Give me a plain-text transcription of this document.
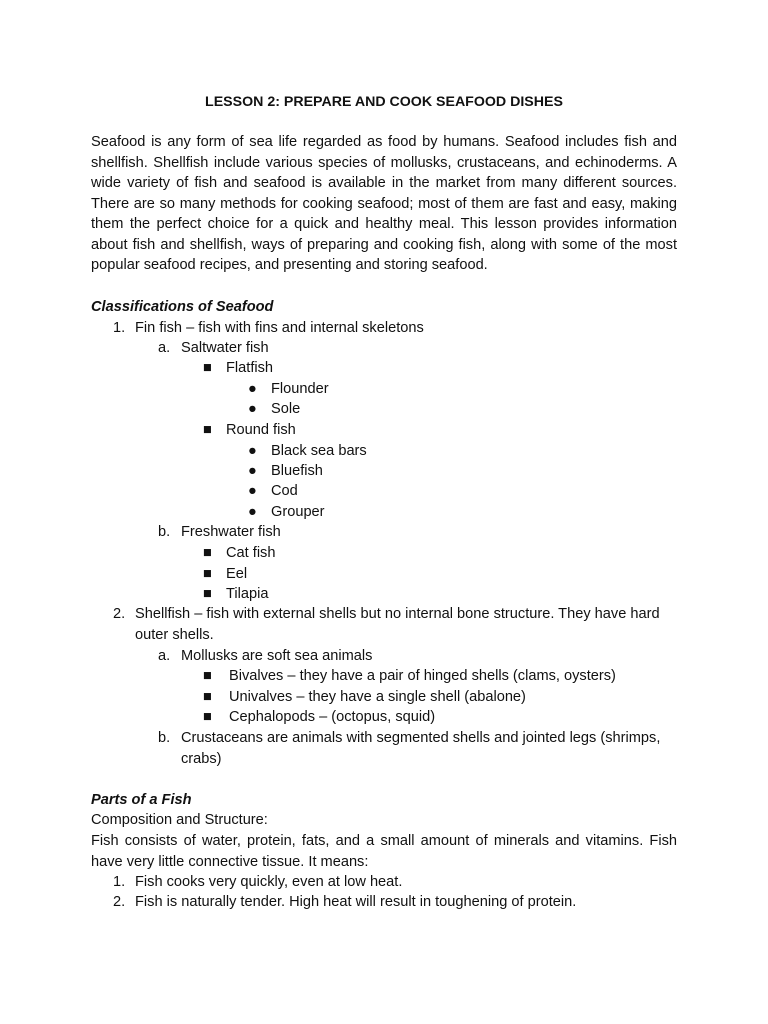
LESSON 2: PREPARE AND COOK SEAFOOD DISHES

Seafood is any form of sea life regarded as food by humans. Seafood includes fish and shellfish. Shellfish include various species of mollusks, crustaceans, and echinoderms. A wide variety of fish and seafood is available in the market from many different sources. There are so many methods for cooking seafood; most of them are fast and easy, making them the perfect choice for a quick and healthy meal. This lesson provides information about fish and shellfish, ways of preparing and cooking fish, along with some of the most popular seafood recipes, and presenting and storing seafood.

Classifications of Seafood

1. Fin fish – fish with fins and internal skeletons
a. Saltwater fish
■ Flatfish
● Flounder
● Sole
■ Round fish
● Black sea bars
● Bluefish
● Cod
● Grouper
b. Freshwater fish
■ Cat fish
■ Eel
■ Tilapia
2. Shellfish – fish with external shells but no internal bone structure. They have hard outer shells.

a. Mollusks are soft sea animals
■ Bivalves – they have a pair of hinged shells (clams, oysters)
■ Univalves – they have a single shell (abalone)
■ Cephalopods – (octopus, squid)
b. Crustaceans are animals with segmented shells and jointed legs (shrimps, crabs)

Parts of a Fish

Composition and Structure:

Fish consists of water, protein, fats, and a small amount of minerals and vitamins. Fish have very little connective tissue. It means:

1. Fish cooks very quickly, even at low heat.
2. Fish is naturally tender. High heat will result in toughening of protein.
